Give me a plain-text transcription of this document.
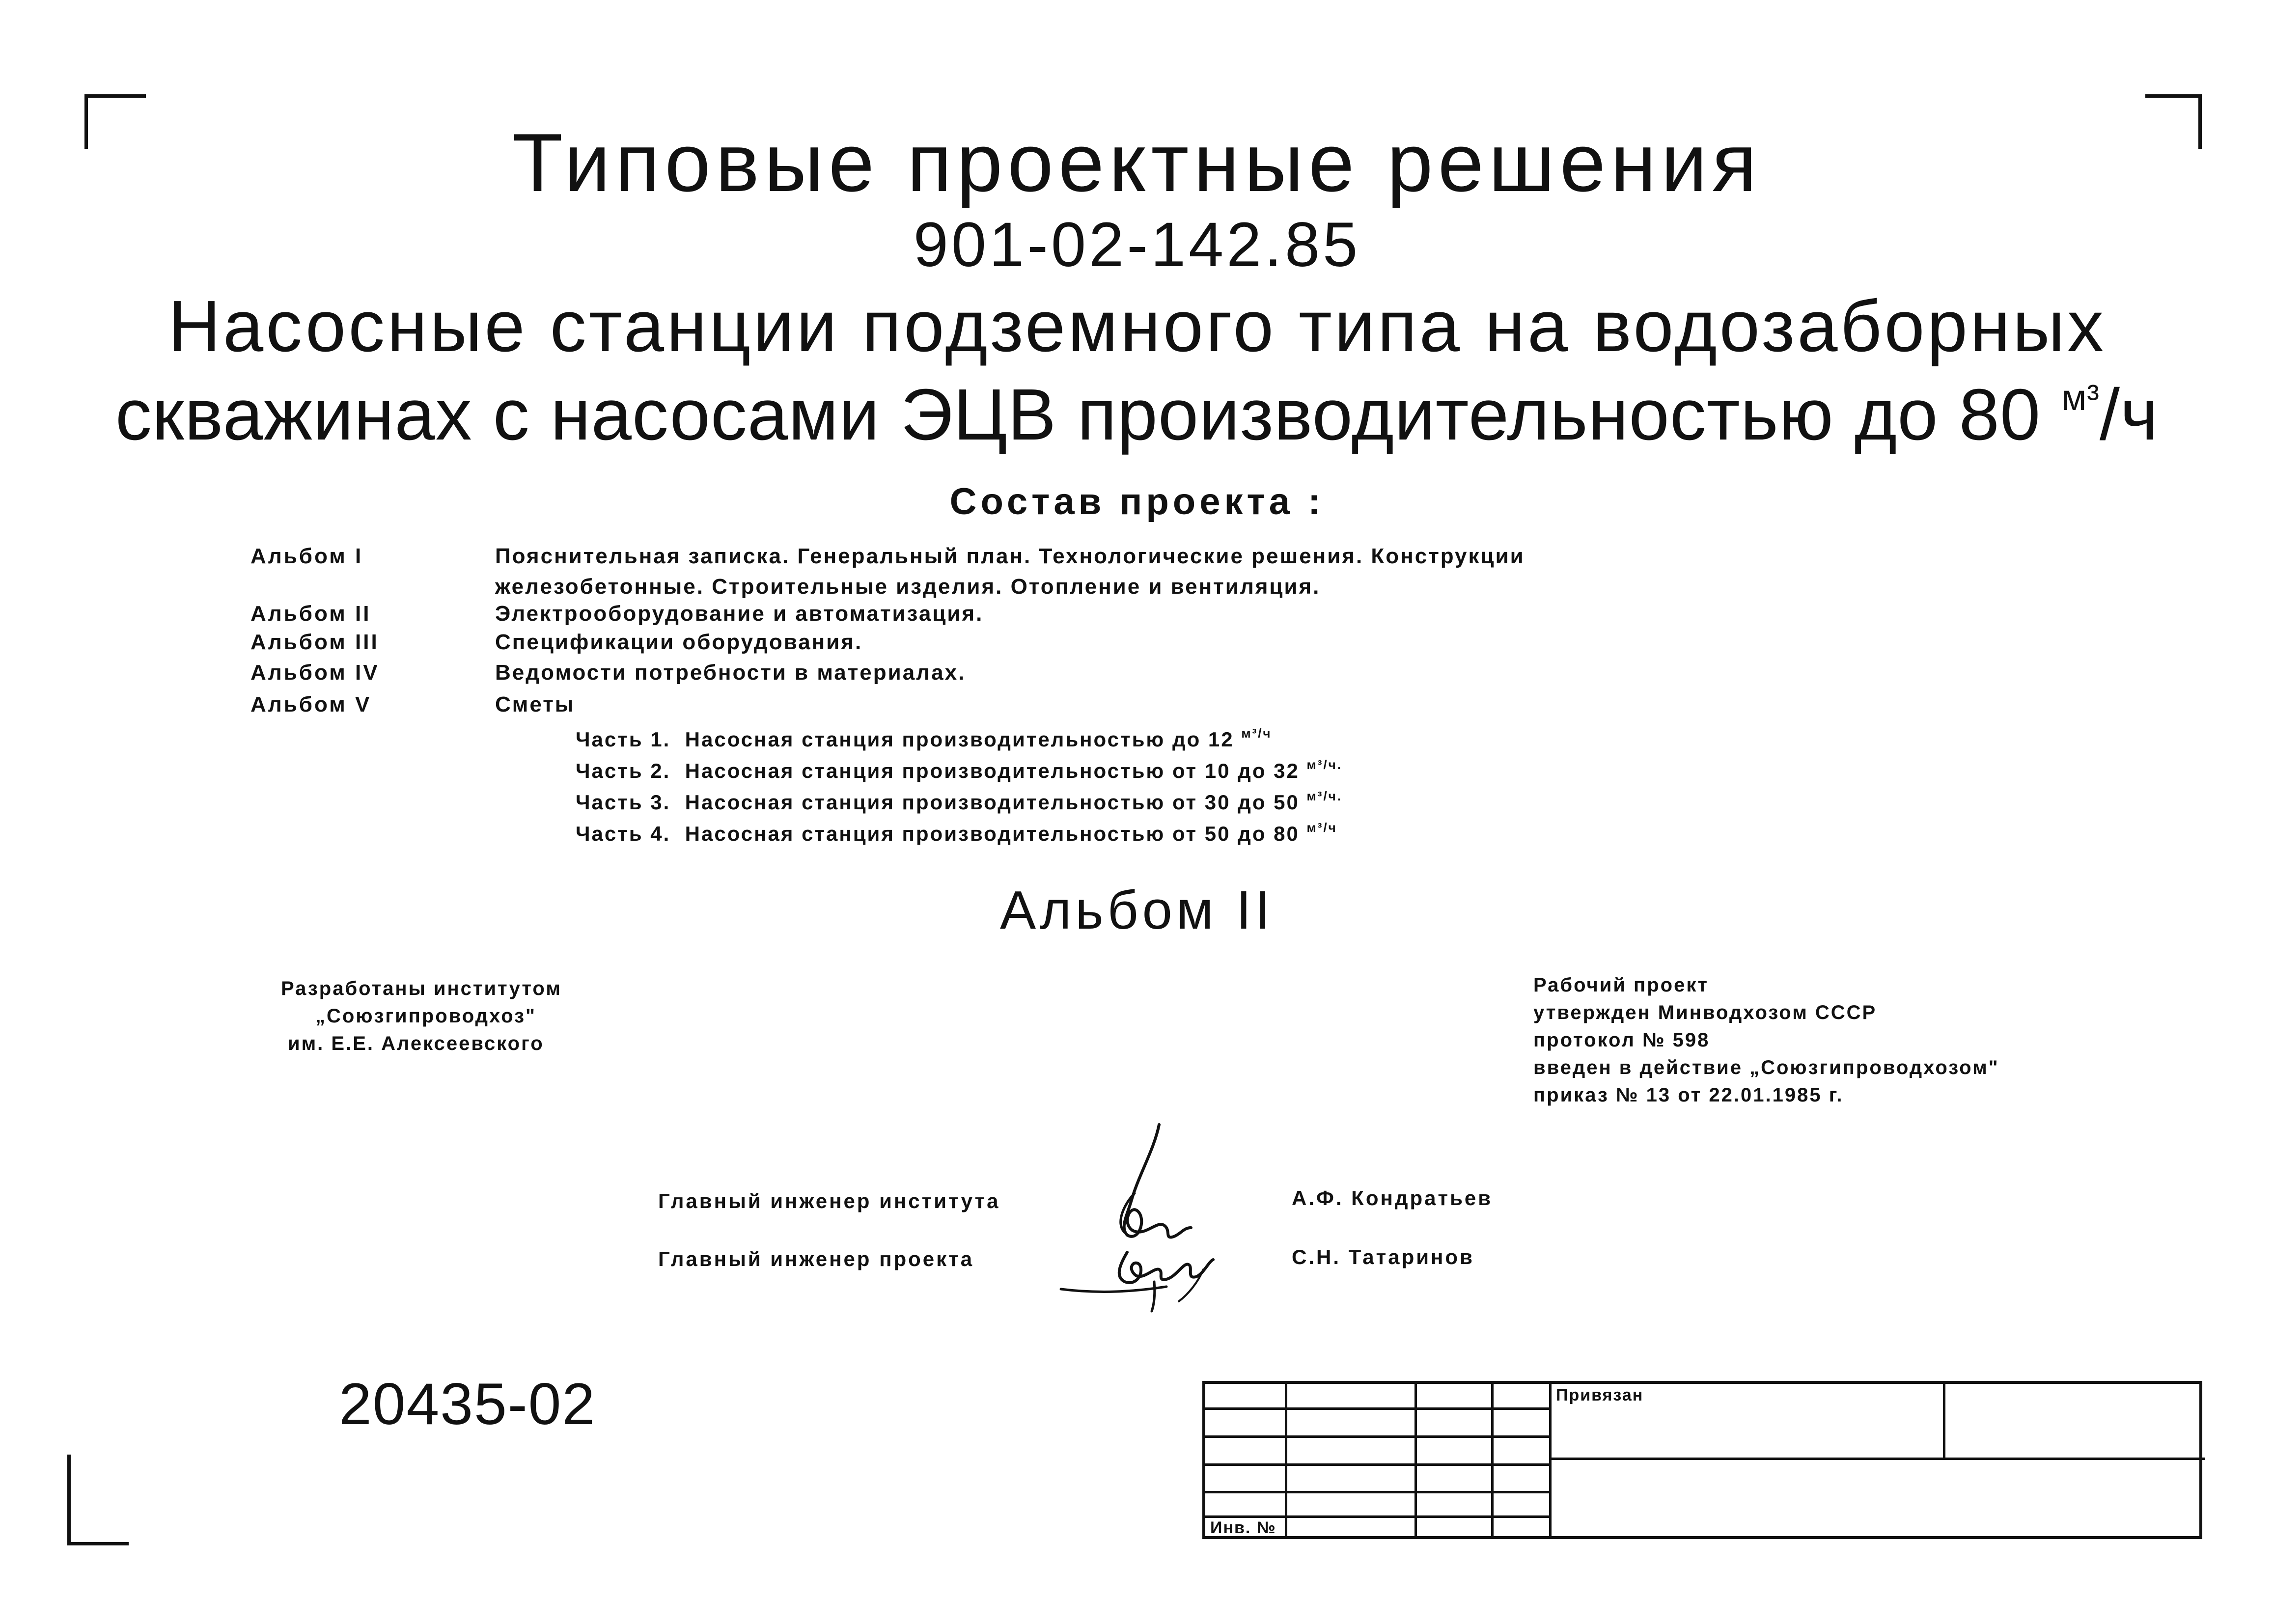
Типовые проектные решения
901-02-142.85
Насосные станции подземного типа на водозаборных
скважинах с насосами ЭЦВ производительностью до 80 $^{м^3}$/ч
Состав проекта :
Альбом I	Пояснительная записка. Генеральный план. Технологические решения. Конструкции
железобетонные. Строительные изделия. Отопление и вентиляция.
Альбом II	Электрооборудование и автоматизация.
Альбом III	Спецификации оборудования.
Альбом IV	Ведомости потребности в материалах.
Альбом V	Сметы
Часть 1. Насосная станция производительностью до 12 $^{м^3/ч}$
Часть 2. Насосная станция производительностью от 10 до 32 $^{м^3/ч.}$
Часть 3. Насосная станция производительностью от 30 до 50 $^{м^3/ч.}$
Часть 4. Насосная станция производительностью от 50 до 80 $^{м^3/ч}$
Альбом II
Разработаны институтом
„Союзгипроводхоз"
им. Е.Е. Алексеевского
Рабочий проект
утвержден Минводхозом СССР
протокол № 598
введен в действие „Союзгипроводхозом"
приказ № 13 от 22.01.1985 г.
Главный инженер института	А.Ф. Кондратьев
Главный инженер проекта	С.Н. Татаринов
20435-02	Привязан
Инв. №
